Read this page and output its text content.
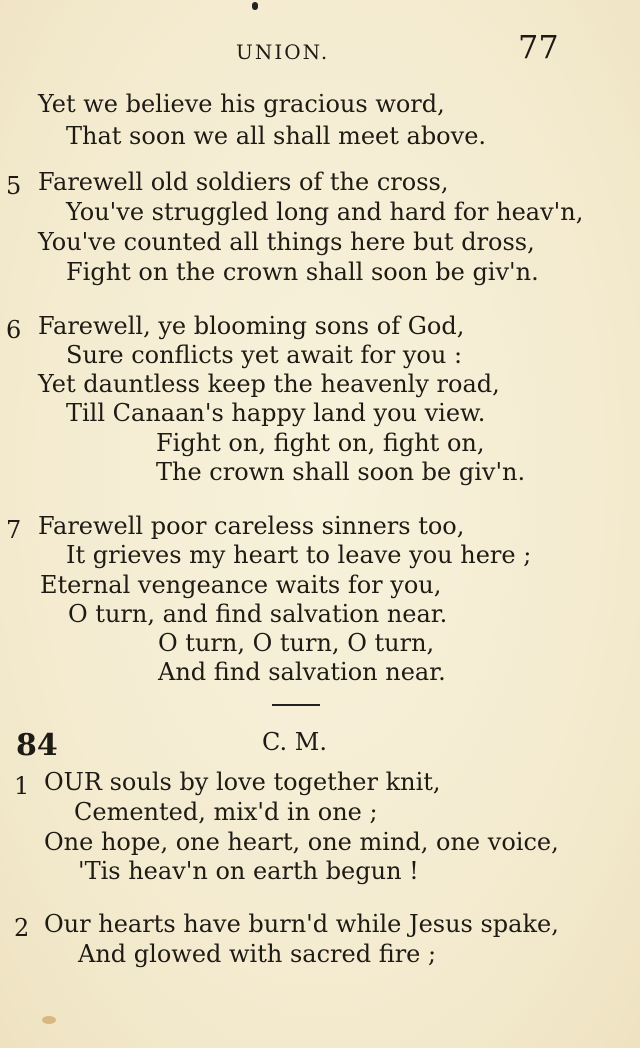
UNION.	77
Yet we believe his gracious word,
That soon we all shall meet above.
5 Farewell old soldiers of the cross,
You've struggled long and hard for heav'n,
You've counted all things here but dross,
Fight on the crown shall soon be giv'n.
6 Farewell, ye blooming sons of God,
Sure conflicts yet await for you :
Yet dauntless keep the heavenly road,
Till Canaan's happy land you view.
Fight on, fight on, fight on,
The crown shall soon be giv'n.
7 Farewell poor careless sinners too,
It grieves my heart to leave you here ;
Eternal vengeance waits for you,
O turn, and find salvation near.
O turn, O turn, O turn,
And find salvation near.
84	C. M.
1 OUR souls by love together knit,
Cemented, mix'd in one ;
One hope, one heart, one mind, one voice,
'Tis heav'n on earth begun !
2 Our hearts have burn'd while Jesus spake,
And glowed with sacred fire ;
